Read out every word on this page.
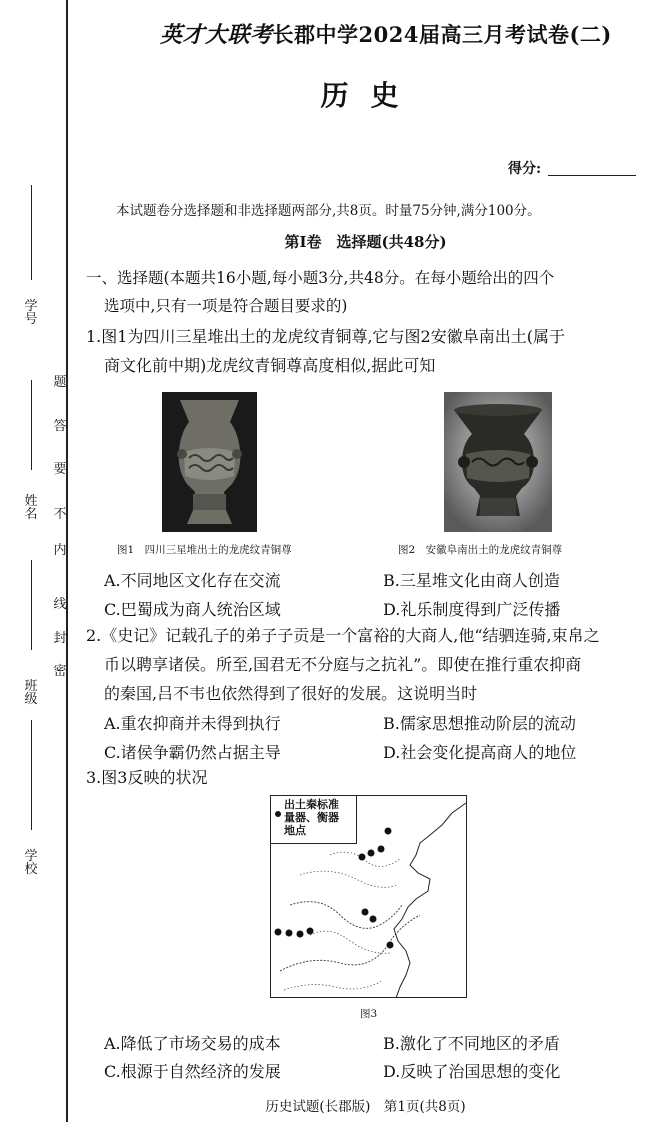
学号
姓名
班级
学校
密
封
线
内
不
要
答
题
英才大联考长郡中学2024届高三月考试卷(二)
历史
得分:
本试题卷分选择题和非选择题两部分,共8页。时量75分钟,满分100分。
第Ⅰ卷　选择题(共48分)
一、选择题(本题共16小题,每小题3分,共48分。在每小题给出的四个
选项中,只有一项是符合题目要求的)
1.图1为四川三星堆出土的龙虎纹青铜尊,它与图2安徽阜南出土(属于
商文化前中期)龙虎纹青铜尊高度相似,据此可知
图1　四川三星堆出土的龙虎纹青铜尊	图2　安徽阜南出土的龙虎纹青铜尊
A.不同地区文化存在交流	B.三星堆文化由商人创造
C.巴蜀成为商人统治区域	D.礼乐制度得到广泛传播
2.《史记》记载孔子的弟子子贡是一个富裕的大商人,他“结驷连骑,束帛之
币以聘享诸侯。所至,国君无不分庭与之抗礼”。即使在推行重农抑商
的秦国,吕不韦也依然得到了很好的发展。这说明当时
A.重农抑商并未得到执行	B.儒家思想推动阶层的流动
C.诸侯争霸仍然占据主导	D.社会变化提高商人的地位
3.图3反映的状况
出土秦标准
量器、衡器
地点
图3
A.降低了市场交易的成本	B.激化了不同地区的矛盾
C.根源于自然经济的发展	D.反映了治国思想的变化
历史试题(长郡版)　第1页(共8页)
